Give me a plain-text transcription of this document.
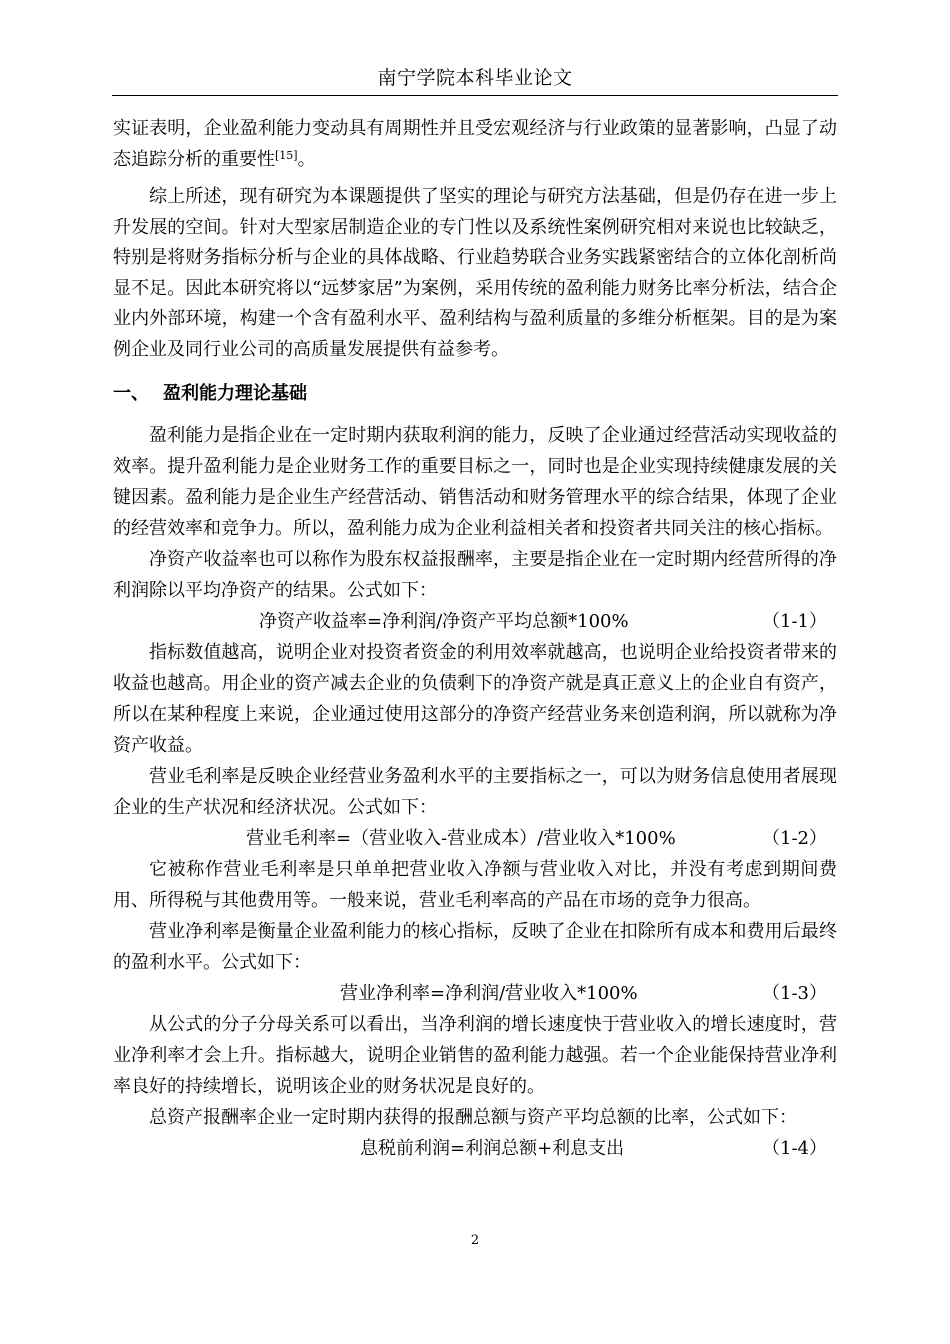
南宁学院本科毕业论文

实证表明，企业盈利能力变动具有周期性并且受宏观经济与行业政策的显著影响，凸显了动态追踪分析的重要性[15]。

综上所述，现有研究为本课题提供了坚实的理论与研究方法基础，但是仍存在进一步上升发展的空间。针对大型家居制造企业的专门性以及系统性案例研究相对来说也比较缺乏，特别是将财务指标分析与企业的具体战略、行业趋势联合业务实践紧密结合的立体化剖析尚显不足。因此本研究将以“远梦家居”为案例，采用传统的盈利能力财务比率分析法，结合企业内外部环境，构建一个含有盈利水平、盈利结构与盈利质量的多维分析框架。目的是为案例企业及同行业公司的高质量发展提供有益参考。

一、 盈利能力理论基础

盈利能力是指企业在一定时期内获取利润的能力，反映了企业通过经营活动实现收益的效率。提升盈利能力是企业财务工作的重要目标之一，同时也是企业实现持续健康发展的关键因素。盈利能力是企业生产经营活动、销售活动和财务管理水平的综合结果，体现了企业的经营效率和竞争力。所以，盈利能力成为企业利益相关者和投资者共同关注的核心指标。

净资产收益率也可以称作为股东权益报酬率，主要是指企业在一定时期内经营所得的净利润除以平均净资产的结果。公式如下：

净资产收益率=净利润/净资产平均总额*100%	（1-1）

指标数值越高，说明企业对投资者资金的利用效率就越高，也说明企业给投资者带来的收益也越高。用企业的资产减去企业的负债剩下的净资产就是真正意义上的企业自有资产，所以在某种程度上来说，企业通过使用这部分的净资产经营业务来创造利润，所以就称为净资产收益。

营业毛利率是反映企业经营业务盈利水平的主要指标之一，可以为财务信息使用者展现企业的生产状况和经济状况。公式如下：

营业毛利率=（营业收入-营业成本）/营业收入*100%	（1-2）

它被称作营业毛利率是只单单把营业收入净额与营业收入对比，并没有考虑到期间费用、所得税与其他费用等。一般来说，营业毛利率高的产品在市场的竞争力很高。

营业净利率是衡量企业盈利能力的核心指标，反映了企业在扣除所有成本和费用后最终的盈利水平。公式如下：

营业净利率=净利润/营业收入*100%	（1-3）

从公式的分子分母关系可以看出，当净利润的增长速度快于营业收入的增长速度时，营业净利率才会上升。指标越大，说明企业销售的盈利能力越强。若一个企业能保持营业净利率良好的持续增长，说明该企业的财务状况是良好的。

总资产报酬率企业一定时期内获得的报酬总额与资产平均总额的比率，公式如下：

息税前利润=利润总额+利息支出	（1-4）
2
